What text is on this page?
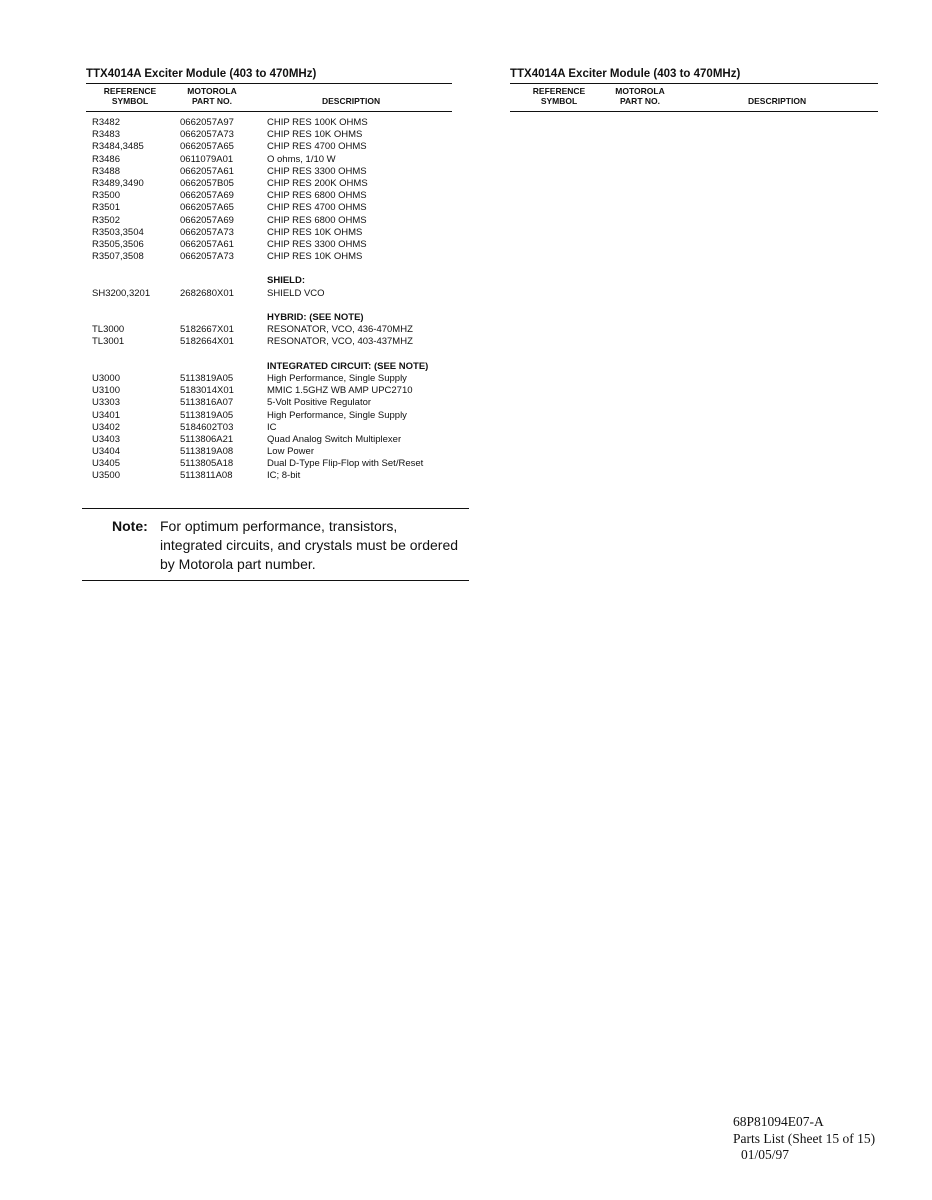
TTX4014A Exciter Module (403 to 470MHz)
REFERENCE
SYMBOL
MOTOROLA
PART NO.	DESCRIPTION
R3482	0662057A97	CHIP RES 100K OHMS
R3483	0662057A73	CHIP RES 10K OHMS
R3484,3485	0662057A65	CHIP RES 4700 OHMS
R3486	0611079A01	O ohms, 1/10 W
R3488	0662057A61	CHIP RES 3300 OHMS
R3489,3490	0662057B05	CHIP RES 200K OHMS
R3500	0662057A69	CHIP RES 6800 OHMS
R3501	0662057A65	CHIP RES 4700 OHMS
R3502	0662057A69	CHIP RES 6800 OHMS
R3503,3504	0662057A73	CHIP RES 10K OHMS
R3505,3506	0662057A61	CHIP RES 3300 OHMS
R3507,3508	0662057A73	CHIP RES 10K OHMS
SHIELD:
SH3200,3201	2682680X01	SHIELD VCO
HYBRID: (SEE NOTE)
TL3000	5182667X01	RESONATOR, VCO, 436-470MHZ
TL3001	5182664X01	RESONATOR, VCO, 403-437MHZ
INTEGRATED CIRCUIT: (SEE NOTE)
U3000	5113819A05	High Performance, Single Supply
U3100	5183014X01	MMIC 1.5GHZ WB AMP UPC2710
U3303	5113816A07	5-Volt Positive Regulator
U3401	5113819A05	High Performance, Single Supply
U3402	5184602T03	IC
U3403	5113806A21	Quad Analog Switch Multiplexer
U3404	5113819A08	Low Power
U3405	5113805A18	Dual D-Type Flip-Flop with Set/Reset
U3500	5113811A08	IC; 8-bit
TTX4014A Exciter Module (403 to 470MHz)
REFERENCE
SYMBOL
MOTOROLA
PART NO.	DESCRIPTION
Note: For optimum performance, transistors, integrated circuits, and crystals must be ordered by Motorola part number.
68P81094E07-A
Parts List (Sheet 15 of 15)
01/05/97
